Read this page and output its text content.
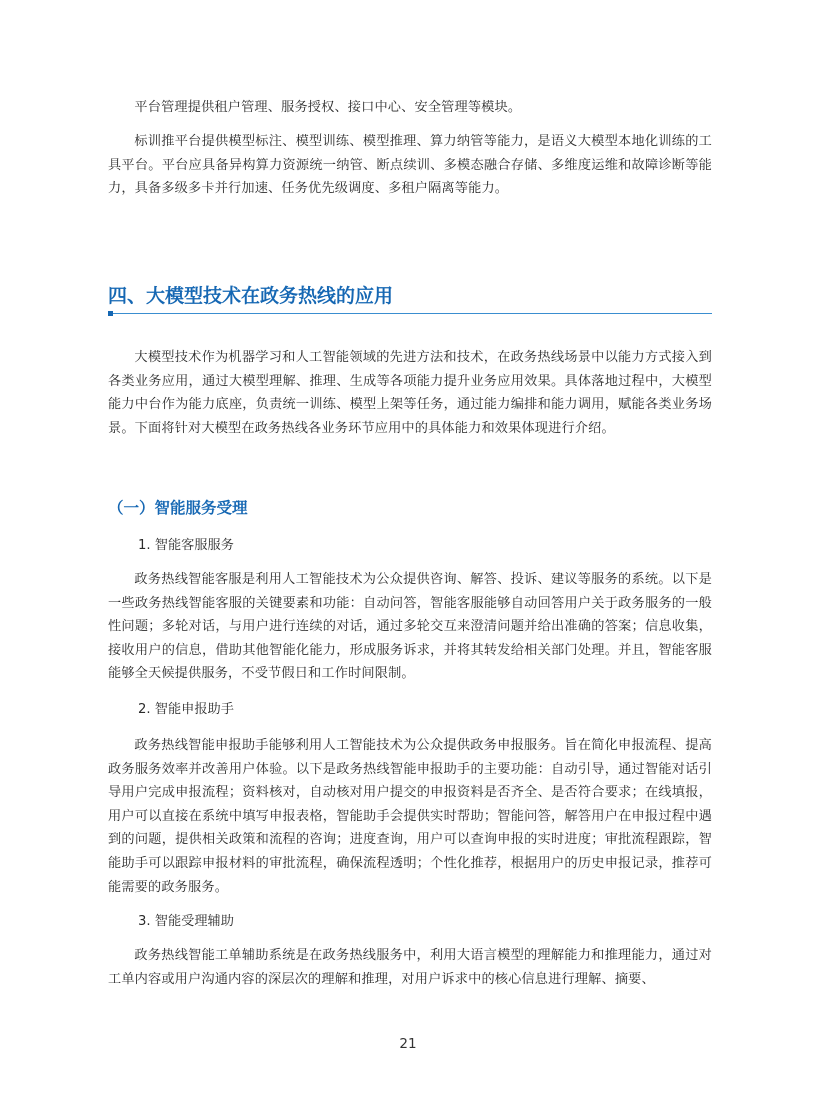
平台管理提供租户管理、服务授权、接口中心、安全管理等模块。

标训推平台提供模型标注、模型训练、模型推理、算力纳管等能力，是语义大模型本地化训练的工具平台。平台应具备异构算力资源统一纳管、断点续训、多模态融合存储、多维度运维和故障诊断等能力，具备多级多卡并行加速、任务优先级调度、多租户隔离等能力。

四、大模型技术在政务热线的应用

大模型技术作为机器学习和人工智能领域的先进方法和技术，在政务热线场景中以能力方式接入到各类业务应用，通过大模型理解、推理、生成等各项能力提升业务应用效果。具体落地过程中，大模型能力中台作为能力底座，负责统一训练、模型上架等任务，通过能力编排和能力调用，赋能各类业务场景。下面将针对大模型在政务热线各业务环节应用中的具体能力和效果体现进行介绍。

（一）智能服务受理

1. 智能客服服务

政务热线智能客服是利用人工智能技术为公众提供咨询、解答、投诉、建议等服务的系统。以下是一些政务热线智能客服的关键要素和功能：自动问答，智能客服能够自动回答用户关于政务服务的一般性问题；多轮对话，与用户进行连续的对话，通过多轮交互来澄清问题并给出准确的答案；信息收集，接收用户的信息，借助其他智能化能力，形成服务诉求，并将其转发给相关部门处理。并且，智能客服能够全天候提供服务，不受节假日和工作时间限制。

2. 智能申报助手

政务热线智能申报助手能够利用人工智能技术为公众提供政务申报服务。旨在简化申报流程、提高政务服务效率并改善用户体验。以下是政务热线智能申报助手的主要功能：自动引导，通过智能对话引导用户完成申报流程；资料核对，自动核对用户提交的申报资料是否齐全、是否符合要求；在线填报，用户可以直接在系统中填写申报表格，智能助手会提供实时帮助；智能问答，解答用户在申报过程中遇到的问题，提供相关政策和流程的咨询；进度查询，用户可以查询申报的实时进度；审批流程跟踪，智能助手可以跟踪申报材料的审批流程，确保流程透明；个性化推荐，根据用户的历史申报记录，推荐可能需要的政务服务。

3. 智能受理辅助

政务热线智能工单辅助系统是在政务热线服务中，利用大语言模型的理解能力和推理能力，通过对工单内容或用户沟通内容的深层次的理解和推理，对用户诉求中的核心信息进行理解、摘要、

21
